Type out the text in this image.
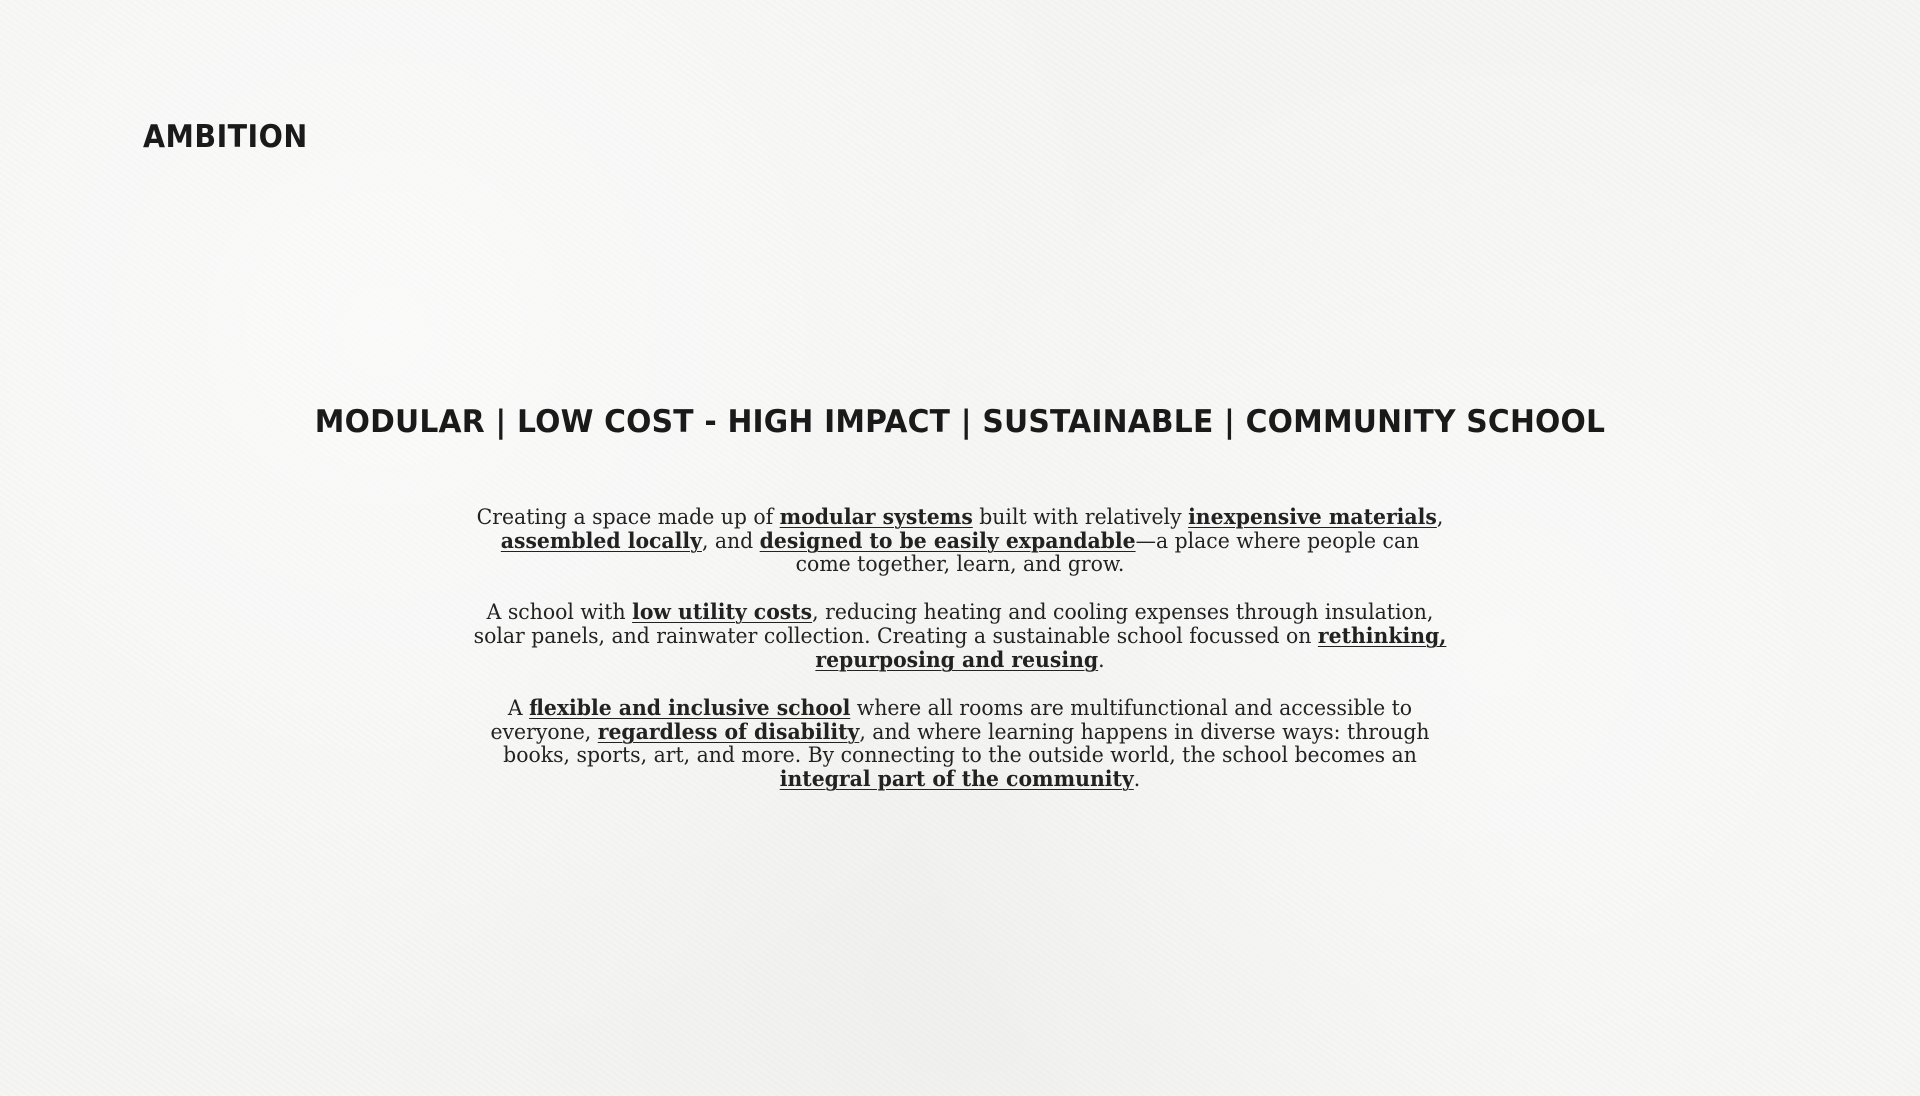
AMBITION
MODULAR | LOW COST - HIGH IMPACT | SUSTAINABLE | COMMUNITY SCHOOL

Creating a space made up of modular systems built with relatively inexpensive materials, assembled locally, and designed to be easily expandable—a place where people can come together, learn, and grow.

A school with low utility costs, reducing heating and cooling expenses through insulation, solar panels, and rainwater collection. Creating a sustainable school focussed on rethinking, repurposing and reusing.

A flexible and inclusive school where all rooms are multifunctional and accessible to everyone, regardless of disability, and where learning happens in diverse ways: through books, sports, art, and more. By connecting to the outside world, the school becomes an integral part of the community.
